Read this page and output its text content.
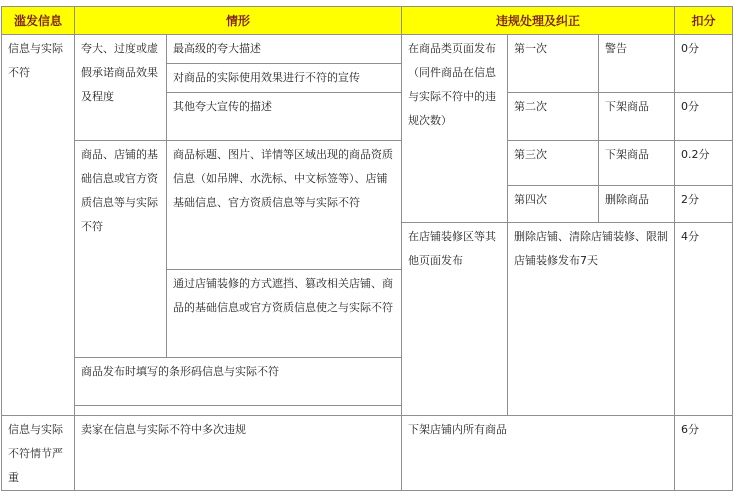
滥发信息	情形		违规处理及纠正			扣分
信息与实际不符	夸大、过度或虚假承诺商品效果及程度	最高级的夸大描述	在商品类页面发布（同件商品在信息与实际不符中的违规次数）	第一次	警告	0分
		对商品的实际使用效果进行不符的宣传				
		其他夸大宣传的描述		第二次	下架商品	0分
	商品、店铺的基础信息或官方资质信息等与实际不符	商品标题、图片、详情等区域出现的商品资质信息（如吊牌、水洗标、中文标签等）、店铺基础信息、官方资质信息等与实际不符		第三次	下架商品	0.2分
				第四次	删除商品	2分
			在店铺装修区等其他页面发布	删除店铺、清除店铺装修、限制店铺装修发布7天		4分
		通过店铺装修的方式遮挡、篡改相关店铺、商品的基础信息或官方资质信息使之与实际不符				
	商品发布时填写的条形码信息与实际不符					

信息与实际不符情节严重	卖家在信息与实际不符中多次违规		下架店铺内所有商品			6分
